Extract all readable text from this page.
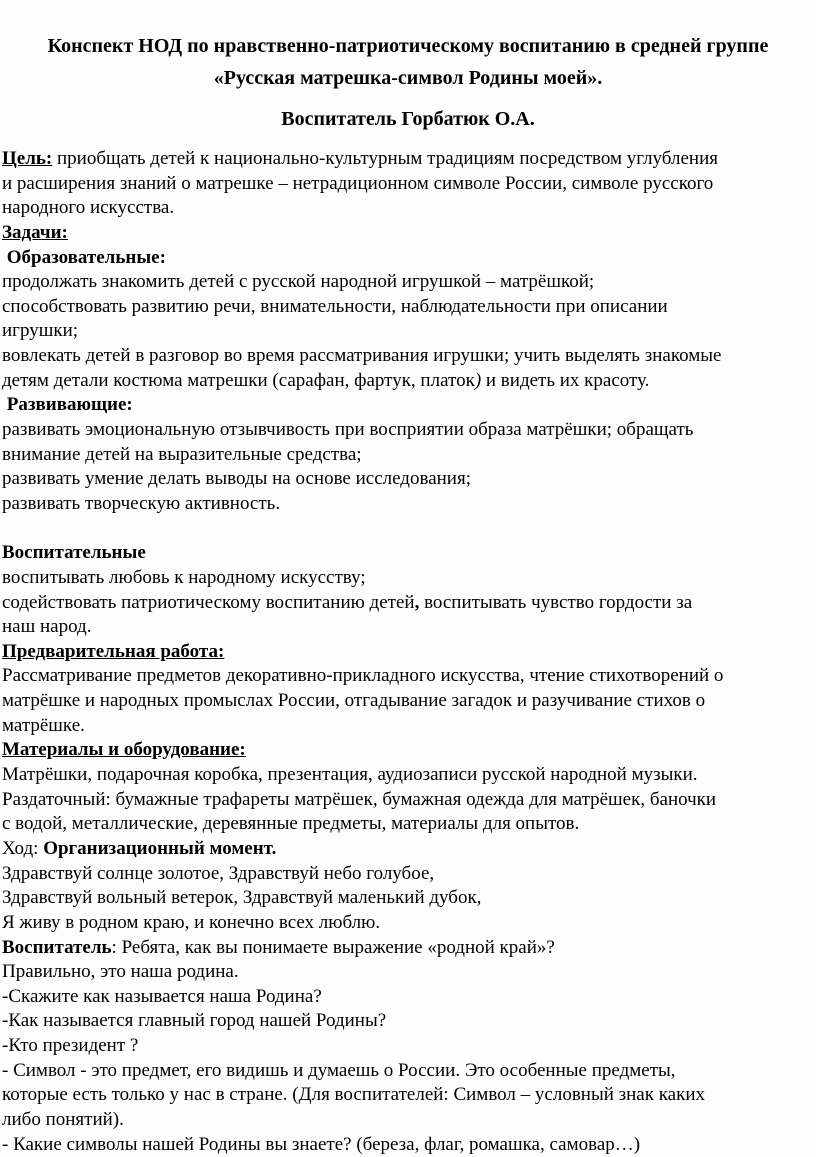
Конспект НОД по нравственно-патриотическому воспитанию в средней группе
«Русская матрешка-символ Родины моей».
Воспитатель Горбатюк О.А.
Цель: приобщать детей к национально-культурным традициям посредством углубления
и расширения знаний о матрешке – нетрадиционном символе России, символе русского
народного искусства.
Задачи:
Образовательные:
продолжать знакомить детей с русской народной игрушкой – матрёшкой;
способствовать развитию речи, внимательности, наблюдательности при описании
игрушки;
вовлекать детей в разговор во время рассматривания игрушки; учить выделять знакомые
детям детали костюма матрешки (сарафан, фартук, платок) и видеть их красоту.
Развивающие:
развивать эмоциональную отзывчивость при восприятии образа матрёшки; обращать
внимание детей на выразительные средства;
развивать умение делать выводы на основе исследования;
развивать творческую активность.

Воспитательные
воспитывать любовь к народному искусству;
содействовать патриотическому воспитанию детей, воспитывать чувство гордости за
наш народ.
Предварительная работа:
Рассматривание предметов декоративно-прикладного искусства, чтение стихотворений о
матрёшке и народных промыслах России, отгадывание загадок и разучивание стихов о
матрёшке.
Материалы и оборудование:
Матрёшки, подарочная коробка, презентация, аудиозаписи русской народной музыки.
Раздаточный: бумажные трафареты матрёшек, бумажная одежда для матрёшек, баночки
с водой, металлические, деревянные предметы, материалы для опытов.
Ход: Организационный момент.
Здравствуй солнце золотое, Здравствуй небо голубое,
Здравствуй вольный ветерок, Здравствуй маленький дубок,
Я живу в родном краю, и конечно всех люблю.
Воспитатель: Ребята, как вы понимаете выражение «родной край»?
Правильно, это наша родина.
-Скажите как называется наша Родина?
-Как называется главный город нашей Родины?
-Кто президент ?
- Символ - это предмет, его видишь и думаешь о России. Это особенные предметы,
которые есть только у нас в стране. (Для воспитателей: Символ – условный знак каких
либо понятий).
- Какие символы нашей Родины вы знаете? (береза, флаг, ромашка, самовар…)
